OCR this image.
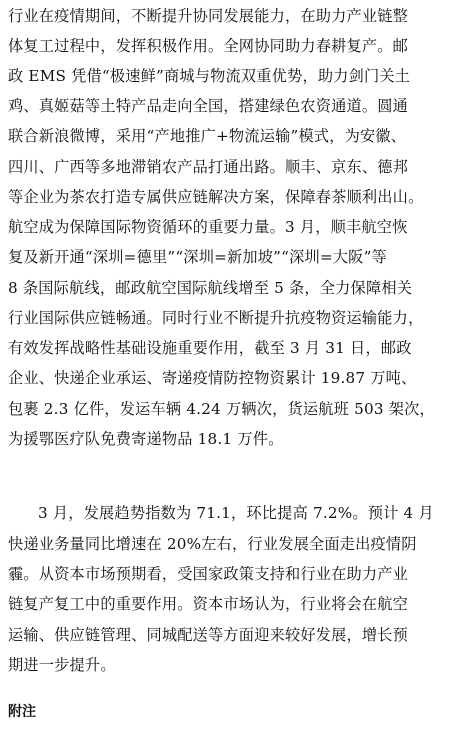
行业在疫情期间，不断提升协同发展能力，在助力产业链整
体复工过程中，发挥积极作用。全网协同助力春耕复产。邮
政 EMS 凭借“极速鲜”商城与物流双重优势，助力剑门关土
鸡、真姬菇等土特产品走向全国，搭建绿色农资通道。圆通
联合新浪微博，采用“产地推广+物流运输”模式，为安徽、
四川、广西等多地滞销农产品打通出路。顺丰、京东、德邦
等企业为茶农打造专属供应链解决方案，保障春茶顺利出山。
航空成为保障国际物资循环的重要力量。3 月，顺丰航空恢
复及新开通“深圳=德里”“深圳=新加坡”“深圳=大阪”等
8 条国际航线，邮政航空国际航线增至 5 条，全力保障相关
行业国际供应链畅通。同时行业不断提升抗疫物资运输能力，
有效发挥战略性基础设施重要作用，截至 3 月 31 日，邮政
企业、快递企业承运、寄递疫情防控物资累计 19.87 万吨、
包裹 2.3 亿件，发运车辆 4.24 万辆次，货运航班 503 架次，
为援鄂医疗队免费寄递物品 18.1 万件。
3 月，发展趋势指数为 71.1，环比提高 7.2%。预计 4 月
快递业务量同比增速在 20%左右，行业发展全面走出疫情阴
霾。从资本市场预期看，受国家政策支持和行业在助力产业
链复产复工中的重要作用。资本市场认为，行业将会在航空
运输、供应链管理、同城配送等方面迎来较好发展，增长预
期进一步提升。
附注
